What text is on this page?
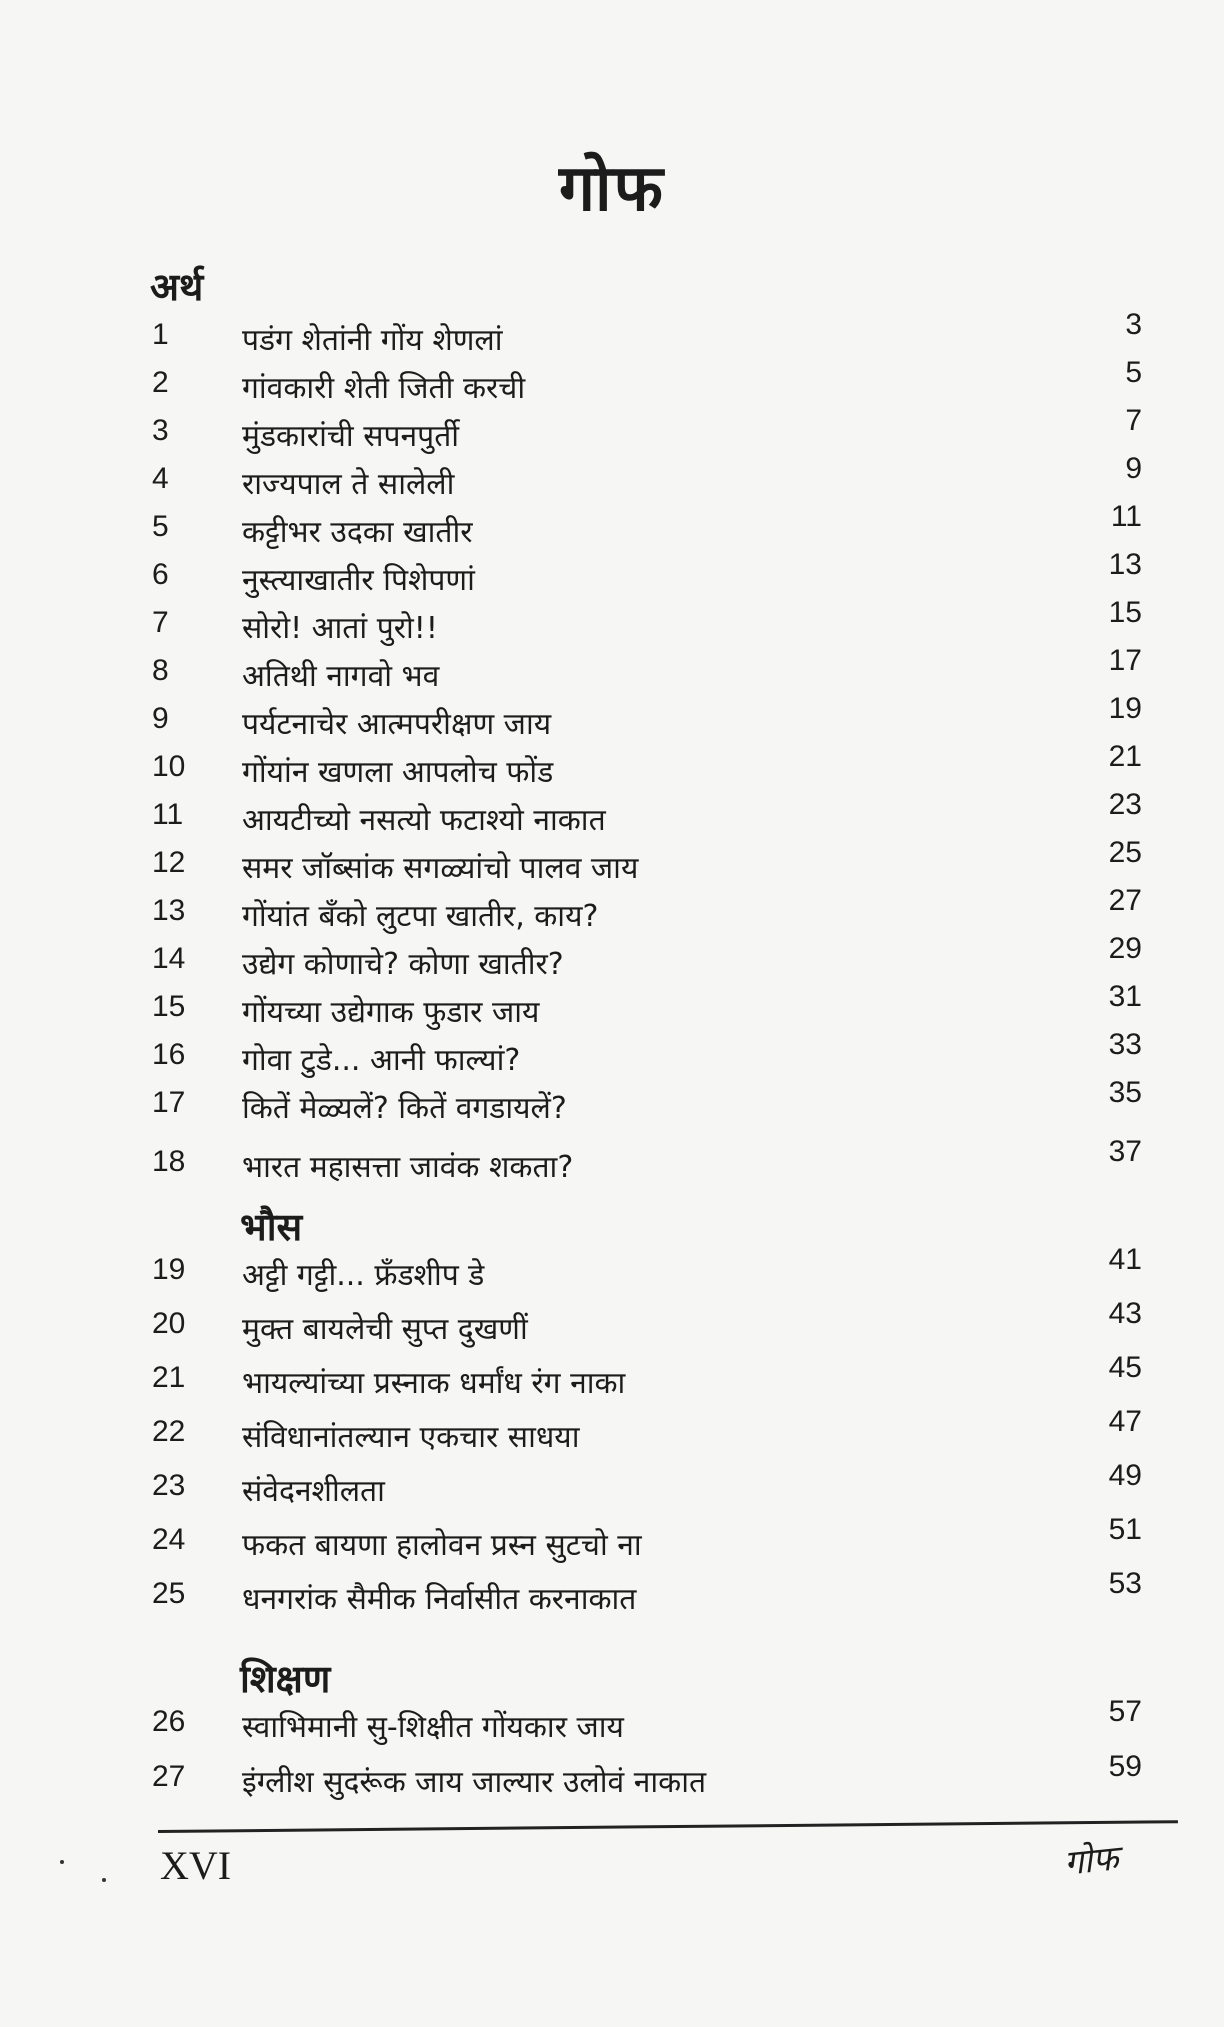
गोफ
अर्थ
1 पडंग शेतांनी गोंय शेणलां	3
2 गांवकारी शेती जिती करची	5
3 मुंडकारांची सपनपुर्ती	7
4 राज्यपाल ते सालेली	9
5 कट्टीभर उदका खातीर	11
6 नुस्त्याखातीर पिशेपणां	13
7 सोरो! आतां पुरो!!	15
8 अतिथी नागवो भव	17
9 पर्यटनाचेर आत्मपरीक्षण जाय	19
10 गोंयांन खणला आपलोच फोंड	21
11 आयटीच्यो नसत्यो फटाश्यो नाकात	23
12 समर जॉब्सांक सगळ्यांचो पालव जाय	25
13 गोंयांत बँको लुटपा खातीर, काय?	27
14 उद्येग कोणाचे? कोणा खातीर?	29
15 गोंयच्या उद्येगाक फुडार जाय	31
16 गोवा टुडे... आनी फाल्यां?	33
17 कितें मेळ्यलें? कितें वगडायलें?	35
18 भारत महासत्ता जावंक शकता?	37
भौस
19 अट्टी गट्टी... फ्रँडशीप डे	41
20 मुक्त बायलेची सुप्त दुखणीं	43
21 भायल्यांच्या प्रस्नाक धर्मांध रंग नाका	45
22 संविधानांतल्यान एकचार साधया	47
23 संवेदनशीलता	49
24 फकत बायणा हालोवन प्रस्न सुटचो ना	51
25 धनगरांक सैमीक निर्वासीत करनाकात	53
शिक्षण
26 स्वाभिमानी सु-शिक्षीत गोंयकार जाय	57
27 इंग्लीश सुदरूंक जाय जाल्यार उलोवं नाकात	59
XVI	गोफ
